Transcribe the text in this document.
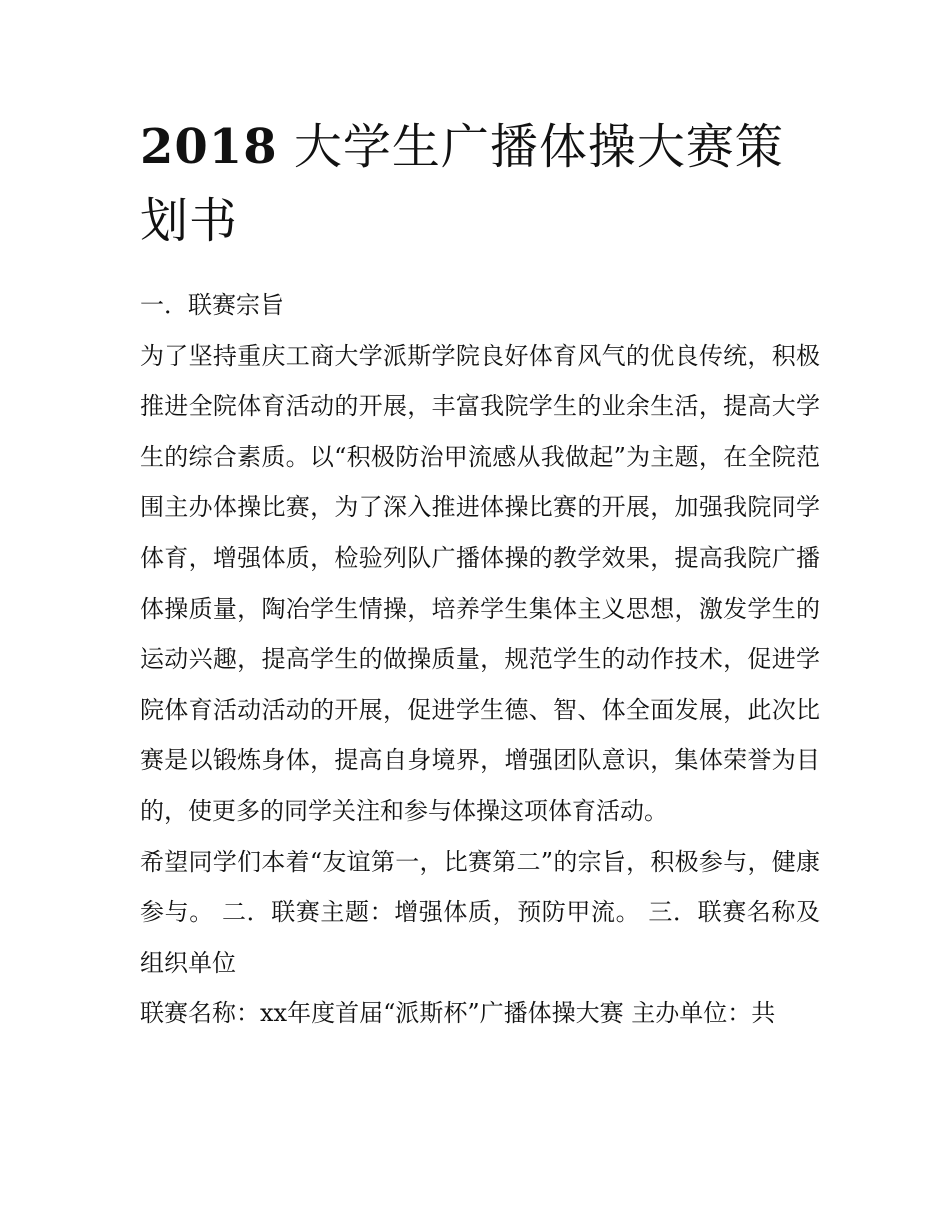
2018 大学生广播体操大赛策划书

一．联赛宗旨

为了坚持重庆工商大学派斯学院良好体育风气的优良传统，积极推进全院体育活动的开展，丰富我院学生的业余生活，提高大学生的综合素质。以“积极防治甲流感从我做起”为主题，在全院范围主办体操比赛，为了深入推进体操比赛的开展，加强我院同学体育，增强体质，检验列队广播体操的教学效果，提高我院广播体操质量，陶冶学生情操，培养学生集体主义思想，激发学生的运动兴趣，提高学生的做操质量，规范学生的动作技术，促进学院体育活动活动的开展，促进学生德、智、体全面发展，此次比赛是以锻炼身体，提高自身境界，增强团队意识，集体荣誉为目的，使更多的同学关注和参与体操这项体育活动。

希望同学们本着“友谊第一，比赛第二”的宗旨，积极参与，健康参与。 二．联赛主题：增强体质，预防甲流。 三．联赛名称及组织单位

联赛名称：xx年度首届“派斯杯”广播体操大赛 主办单位：共
